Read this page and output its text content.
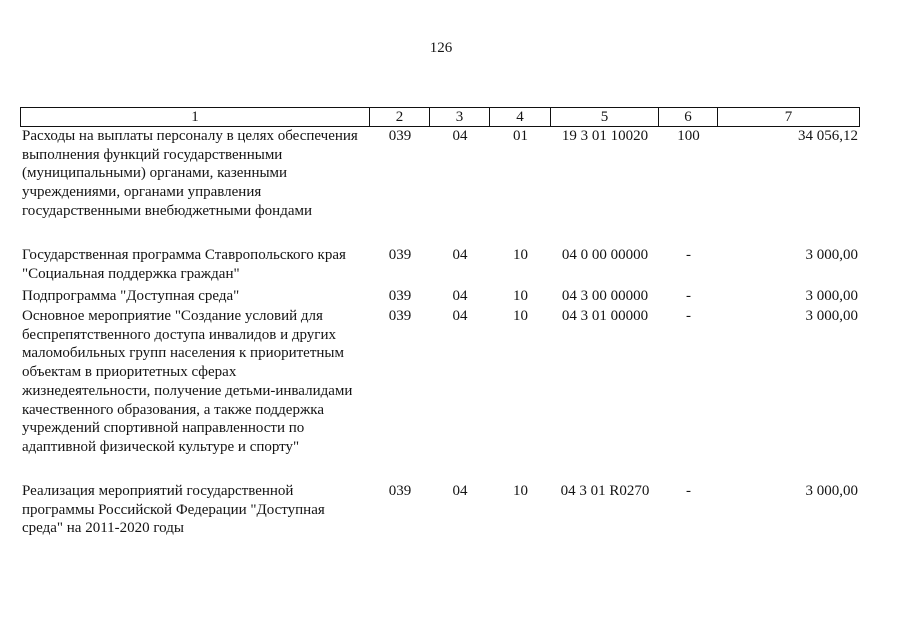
126
1	2	3	4	5	6	7
Расходы на выплаты персоналу в целях обеспечения
выполнения функций государственными
(муниципальными) органами, казенными
учреждениями, органами управления
государственными внебюджетными фондами
039	04	01	19 3 01 10020	100	34 056,12
Государственная программа Ставропольского края
"Социальная поддержка граждан"
039	04	10	04 0 00 00000	-	3 000,00
Подпрограмма "Доступная среда"	039	04	10	04 3 00 00000	-	3 000,00
Основное мероприятие "Создание условий для
беспрепятственного доступа инвалидов и других
маломобильных групп населения к приоритетным
объектам в приоритетных сферах
жизнедеятельности, получение детьми-инвалидами
качественного образования, а также поддержка
учреждений спортивной направленности по
адаптивной физической культуре и спорту"
039	04	10	04 3 01 00000	-	3 000,00
Реализация мероприятий государственной
программы Российской Федерации "Доступная
среда" на 2011-2020 годы
039	04	10	04 3 01 R0270	-	3 000,00
